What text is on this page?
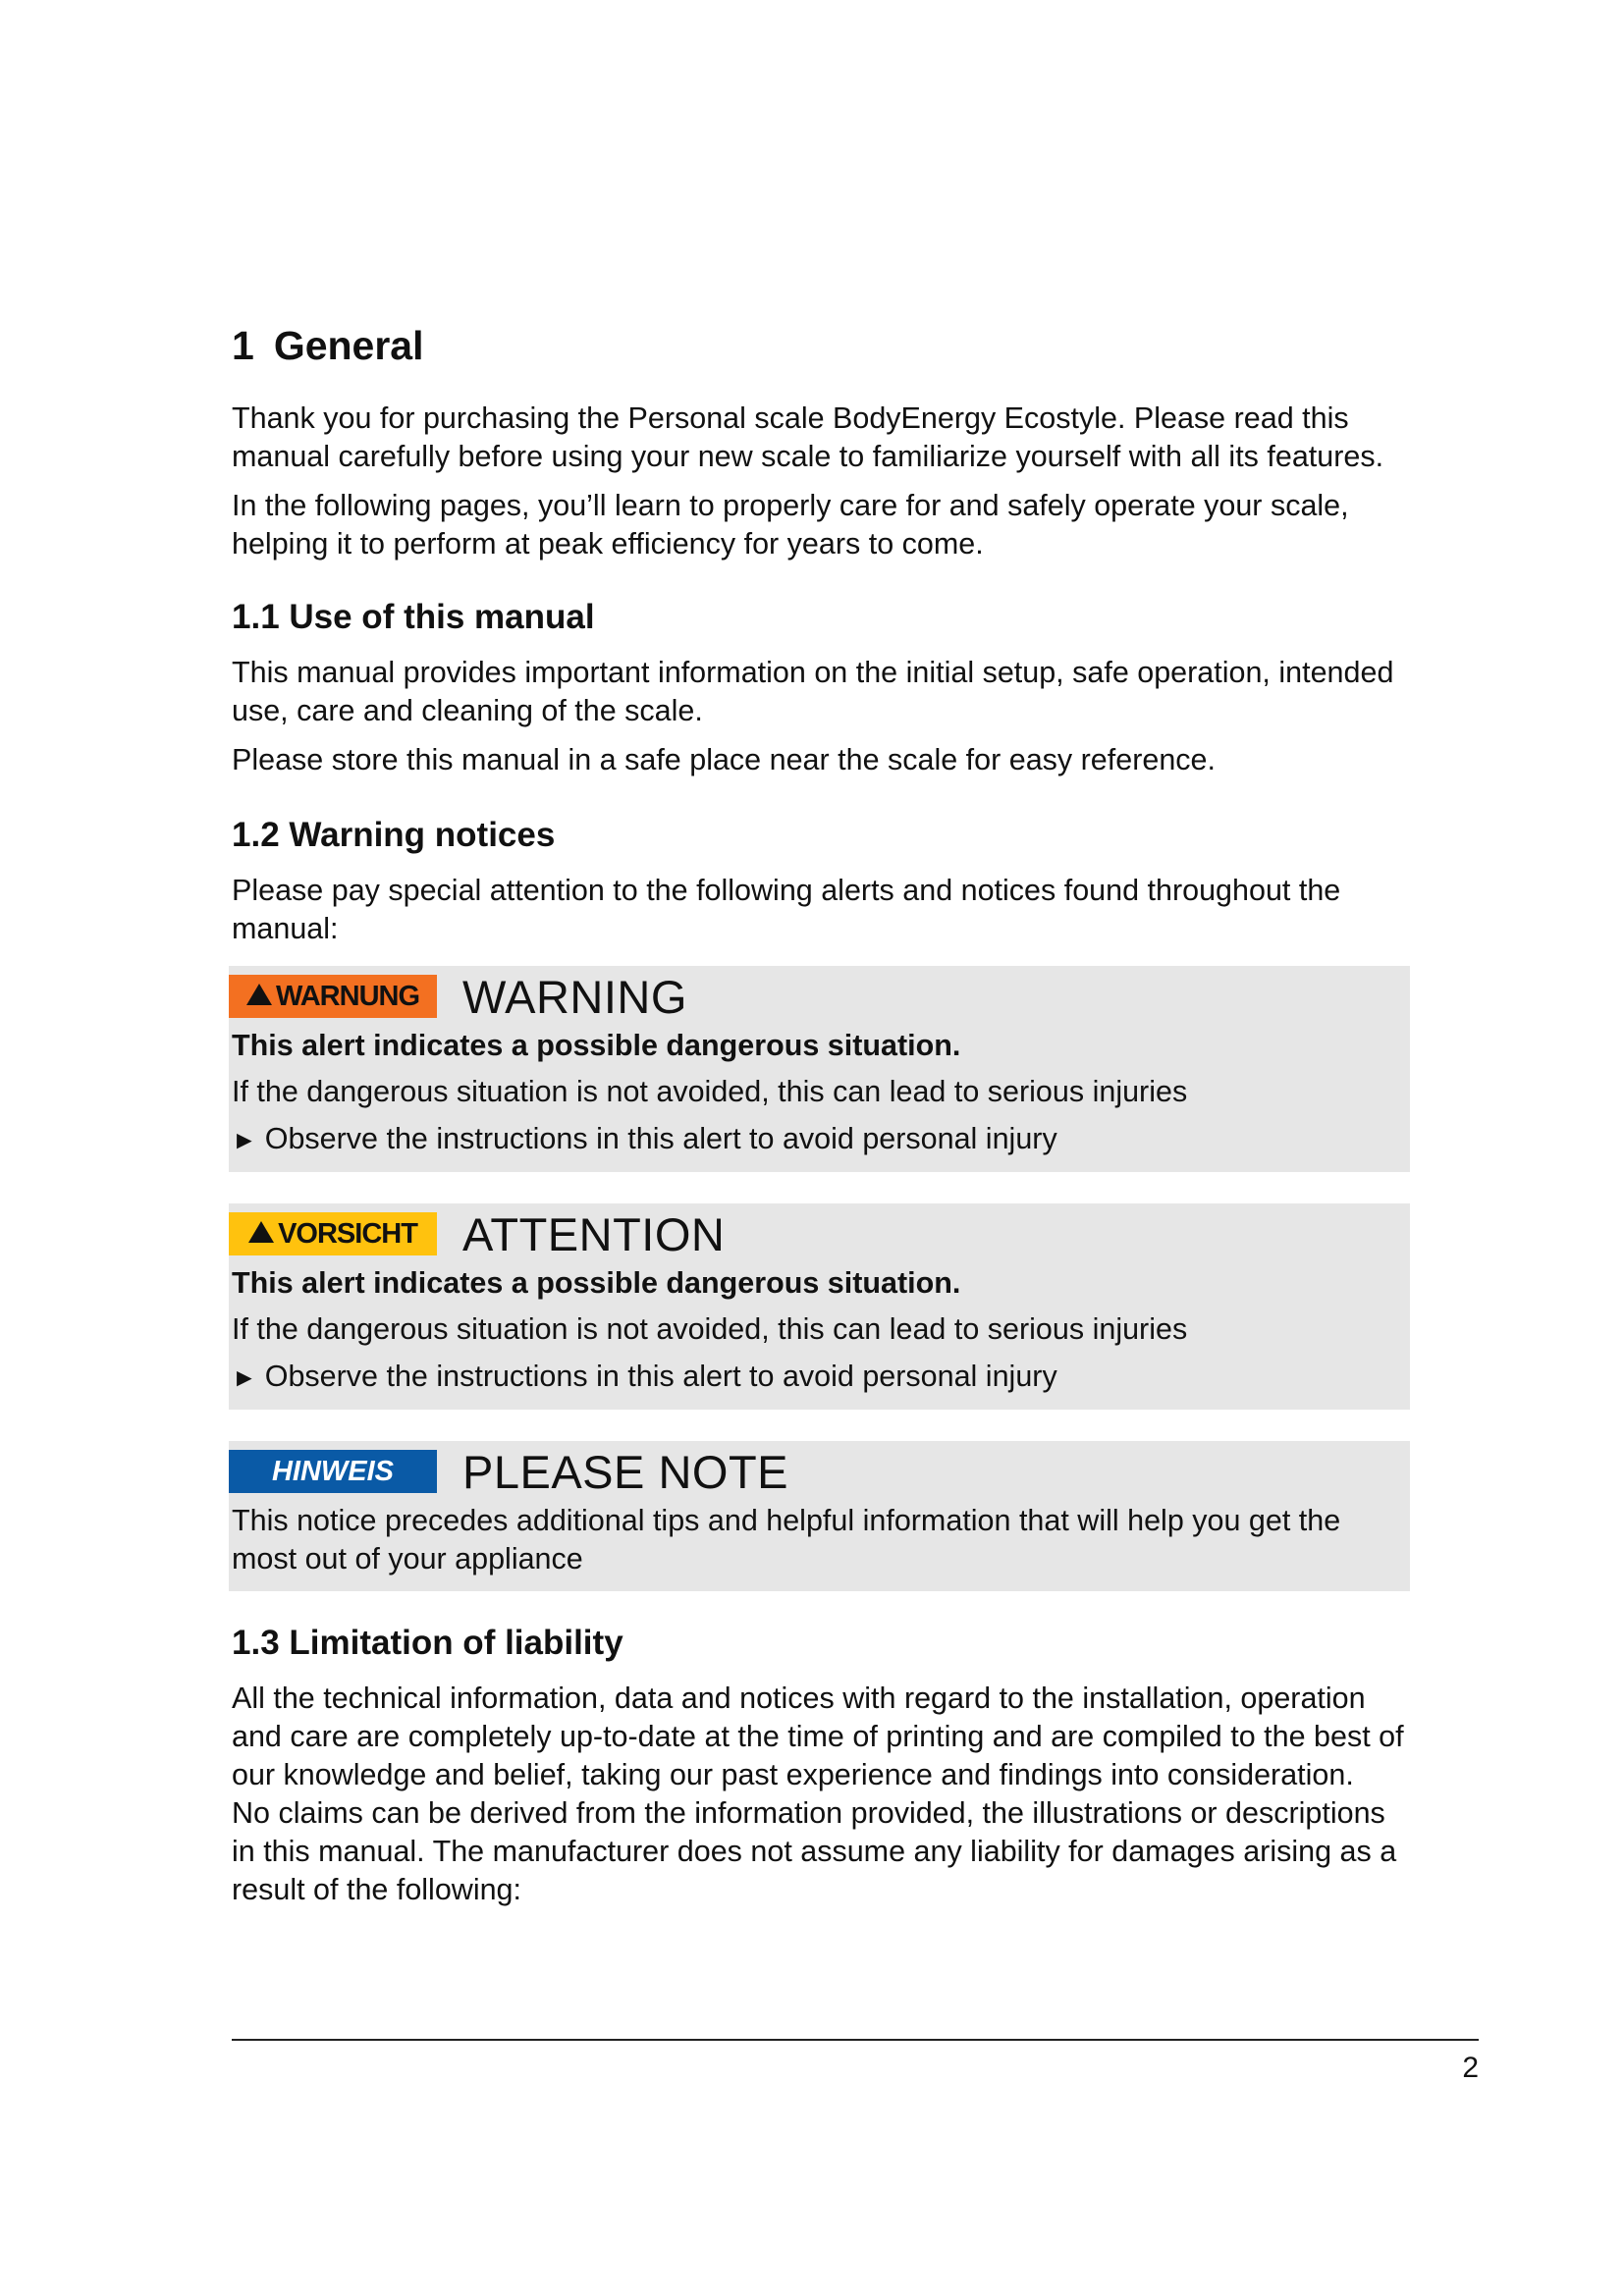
1 General

Thank you for purchasing the Personal scale BodyEnergy Ecostyle. Please read this manual carefully before using your new scale to familiarize yourself with all its features.

In the following pages, you’ll learn to properly care for and safely operate your scale, helping it to perform at peak efficiency for years to come.

1.1 Use of this manual

This manual provides important information on the initial setup, safe operation, intended use, care and cleaning of the scale.

Please store this manual in a safe place near the scale for easy reference.

1.2 Warning notices

Please pay special attention to the following alerts and notices found throughout the manual:

WARNUNG WARNING

This alert indicates a possible dangerous situation.

If the dangerous situation is not avoided, this can lead to serious injuries

► Observe the instructions in this alert to avoid personal injury

VORSICHT ATTENTION

This alert indicates a possible dangerous situation.

If the dangerous situation is not avoided, this can lead to serious injuries

► Observe the instructions in this alert to avoid personal injury

HINWEIS PLEASE NOTE

This notice precedes additional tips and helpful information that will help you get the most out of your appliance

1.3 Limitation of liability

All the technical information, data and notices with regard to the installation, operation and care are completely up-to-date at the time of printing and are compiled to the best of our knowledge and belief, taking our past experience and findings into consideration.

No claims can be derived from the information provided, the illustrations or descriptions in this manual. The manufacturer does not assume any liability for damages arising as a result of the following:

2
